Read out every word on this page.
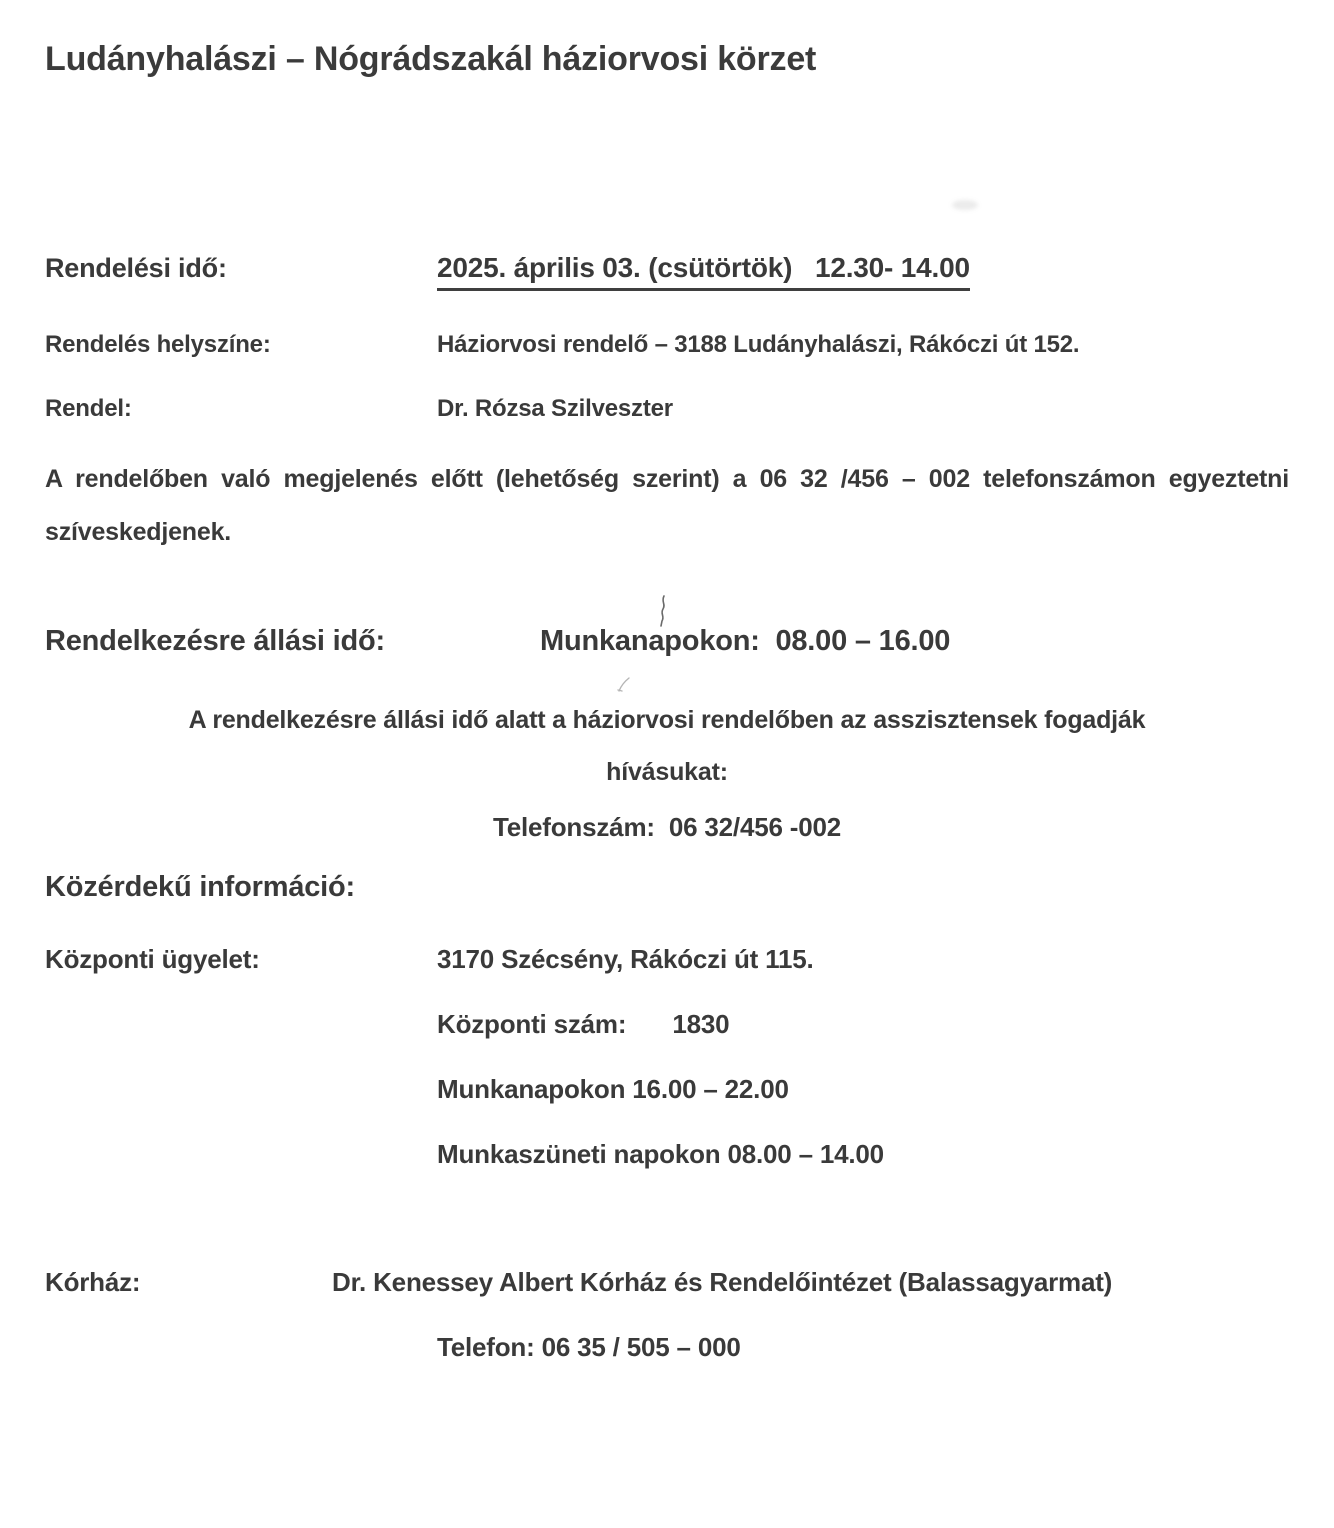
Ludányhalászi – Nógrádszakál háziorvosi körzet
Rendelési idő:	2025. április 03. (csütörtök)   12.30- 14.00
Rendelés helyszíne:	Háziorvosi rendelő – 3188 Ludányhalászi, Rákóczi út 152.
Rendel:	Dr. Rózsa Szilveszter
A rendelőben való megjelenés előtt (lehetőség szerint) a 06 32 /456 – 002 telefonszámon egyeztetni szíveskedjenek.
Rendelkezésre állási idő:	Munkanapokon:  08.00 – 16.00
A rendelkezésre állási idő alatt a háziorvosi rendelőben az asszisztensek fogadják
hívásukat:
Telefonszám:  06 32/456 -002
Közérdekű információ:
Központi ügyelet:	3170 Szécsény, Rákóczi út 115.
Központi szám: 1830
Munkanapokon 16.00 – 22.00
Munkaszüneti napokon 08.00 – 14.00
Kórház:	Dr. Kenessey Albert Kórház és Rendelőintézet (Balassagyarmat)
Telefon: 06 35 / 505 – 000
